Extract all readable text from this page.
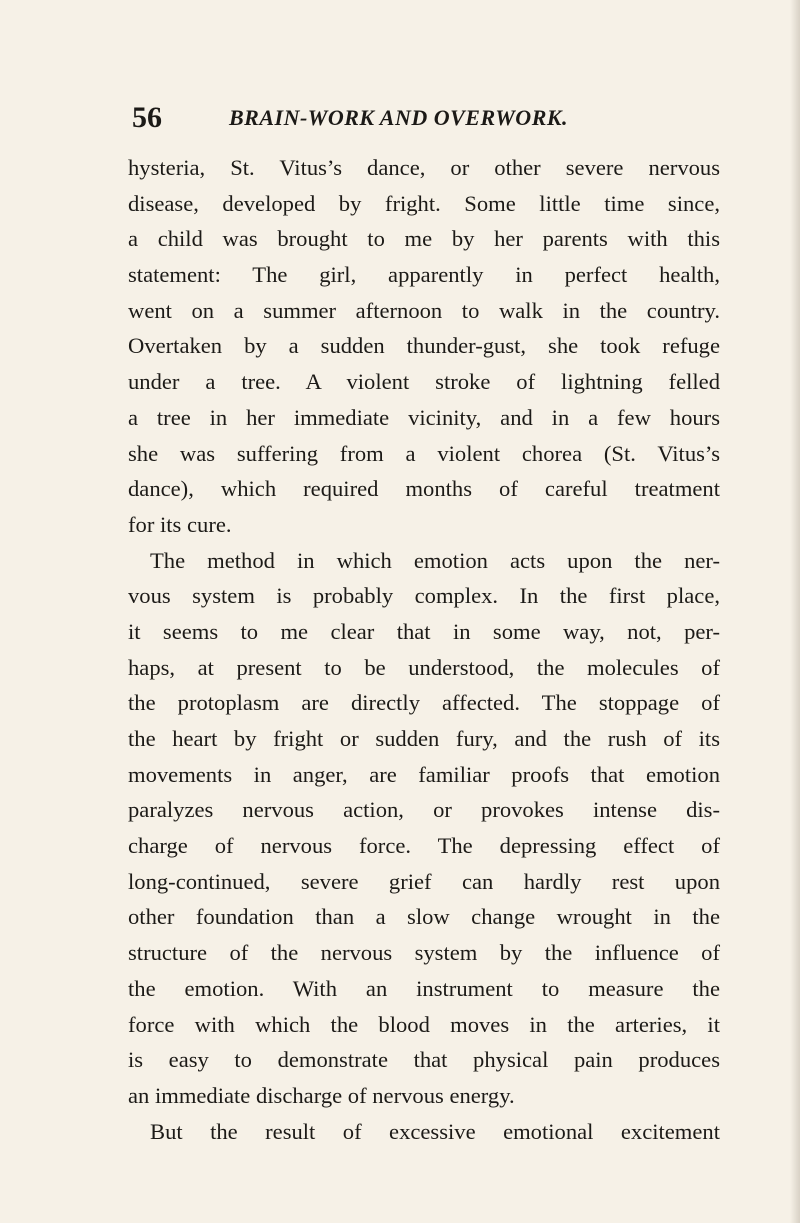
56	BRAIN-WORK AND OVERWORK.
hysteria, St. Vitus’s dance, or other severe nervous
disease, developed by fright. Some little time since,
a child was brought to me by her parents with this
statement: The girl, apparently in perfect health,
went on a summer afternoon to walk in the country.
Overtaken by a sudden thunder-gust, she took refuge
under a tree. A violent stroke of lightning felled
a tree in her immediate vicinity, and in a few hours
she was suffering from a violent chorea (St. Vitus’s
dance), which required months of careful treatment
for its cure.
The method in which emotion acts upon the ner-
vous system is probably complex. In the first place,
it seems to me clear that in some way, not, per-
haps, at present to be understood, the molecules of
the protoplasm are directly affected. The stoppage of
the heart by fright or sudden fury, and the rush of its
movements in anger, are familiar proofs that emotion
paralyzes nervous action, or provokes intense dis-
charge of nervous force. The depressing effect of
long-continued, severe grief can hardly rest upon
other foundation than a slow change wrought in the
structure of the nervous system by the influence of
the emotion. With an instrument to measure the
force with which the blood moves in the arteries, it
is easy to demonstrate that physical pain produces
an immediate discharge of nervous energy.
But the result of excessive emotional excitement
